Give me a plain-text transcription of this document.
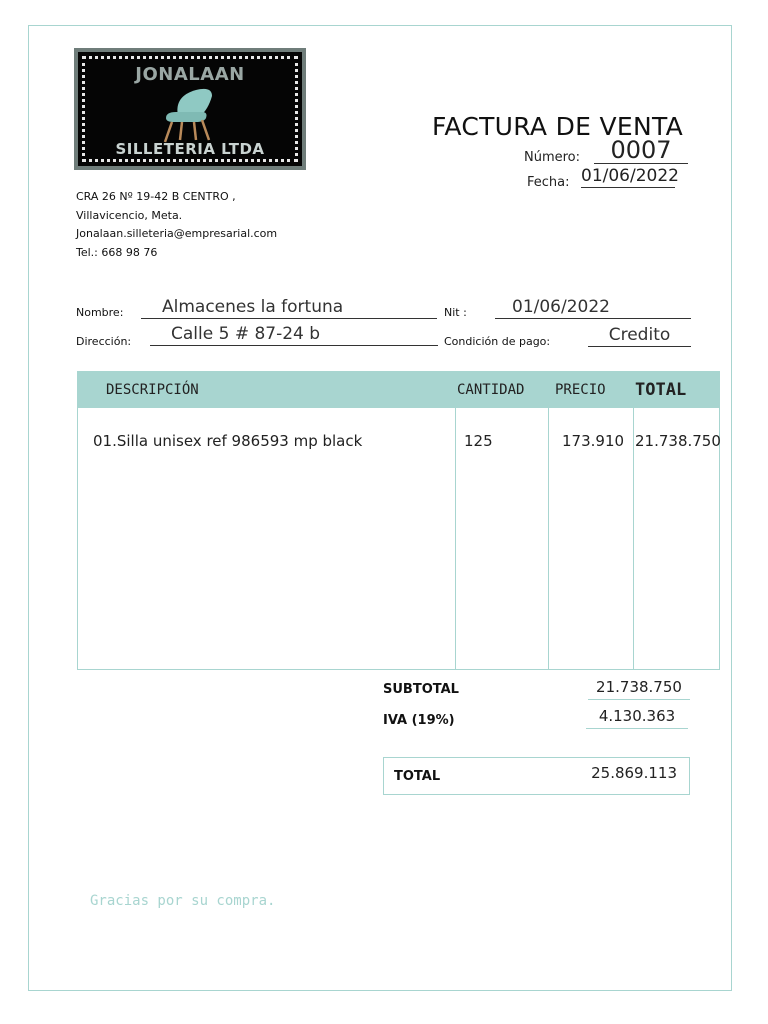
JONALAAN
SILLETERIA LTDA
CRA 26 Nº 19-42 B CENTRO ,
Villavicencio, Meta.
Jonalaan.silleteria@empresarial.com
Tel.: 668 98 76
FACTURA DE VENTA
Número:	0007
Fecha: 01/06/2022
Nombre:	Almacenes la fortuna	Nit :	01/06/2022
Dirección:	Calle 5 # 87-24 b	Condición de pago:	Credito
DESCRIPCIÓN	CANTIDAD PRECIO TOTAL
01.Silla unisex ref 986593 mp black	125	173.910 21.738.750
SUBTOTAL	21.738.750
IVA (19%)	4.130.363
TOTAL	25.869.113
Gracias por su compra.
